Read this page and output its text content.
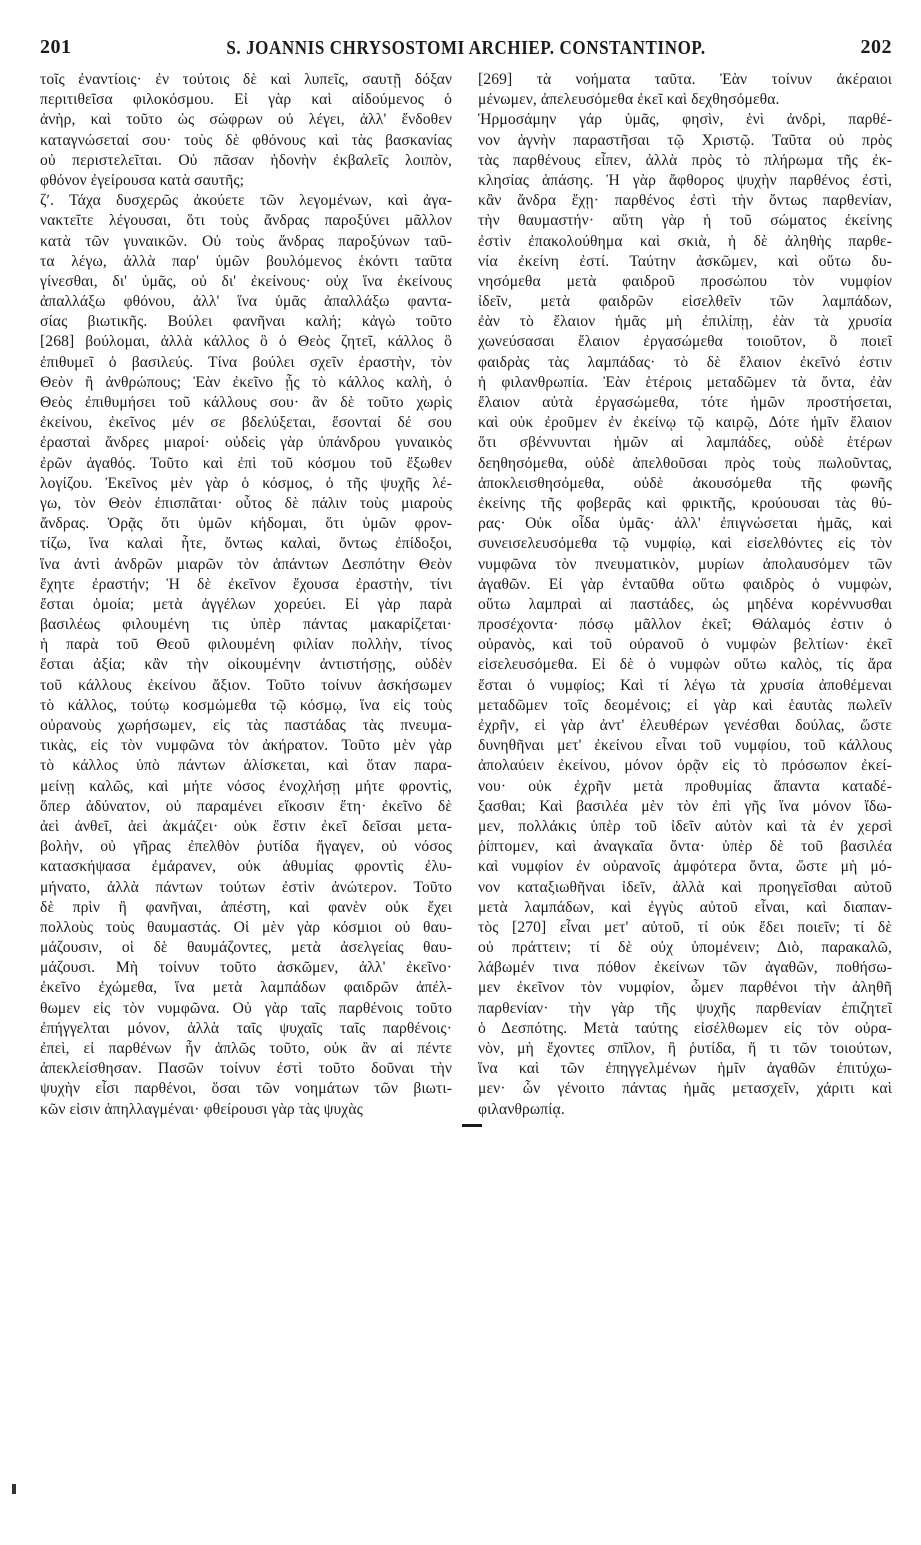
201	S. JOANNIS CHRYSOSTOMI ARCHIEP. CONSTANTINOP.	202
τοῖς ἐναντίοις· ἐν τούτοις δὲ καὶ λυπεῖς, σαυτῇ δόξαν
περιτιθεῖσα φιλοκόσμου. Εἰ γὰρ καὶ αἰδούμενος ὁ
ἀνὴρ, καὶ τοῦτο ὡς σώφρων οὐ λέγει, ἀλλ' ἔνδοθεν
καταγνώσεταί σου· τοὺς δὲ φθόνους καὶ τὰς βασκανίας
οὐ περιστελεῖται. Οὐ πᾶσαν ἡδονὴν ἐκβαλεῖς λοιπὸν,
φθόνον ἐγείρουσα κατὰ σαυτῆς;
ζʹ. Τάχα δυσχερῶς ἀκούετε τῶν λεγομένων, καὶ ἀγα-
νακτεῖτε λέγουσαι, ὅτι τοὺς ἄνδρας παροξύνει μᾶλλον
κατὰ τῶν γυναικῶν. Οὐ τοὺς ἄνδρας παροξύνων ταῦ-
τα λέγω, ἀλλὰ παρ' ὑμῶν βουλόμενος ἑκόντι ταῦτα
γίνεσθαι, δι' ὑμᾶς, οὐ δι' ἐκείνους· οὐχ ἵνα ἐκείνους
ἀπαλλάξω φθόνου, ἀλλ' ἵνα ὑμᾶς ἀπαλλάξω φαντα-
σίας βιωτικῆς. Βούλει φανῆναι καλή; κἀγὼ τοῦτο
[268] βούλομαι, ἀλλὰ κάλλος ὃ ὁ Θεὸς ζητεῖ, κάλλος ὃ
ἐπιθυμεῖ ὁ βασιλεύς. Τίνα βούλει σχεῖν ἐραστὴν, τὸν
Θεὸν ἢ ἀνθρώπους; Ἐὰν ἐκεῖνο ᾖς τὸ κάλλος καλὴ, ὁ
Θεὸς ἐπιθυμήσει τοῦ κάλλους σου· ἂν δὲ τοῦτο χωρὶς
ἐκείνου, ἐκεῖνος μέν σε βδελύξεται, ἔσονταί δέ σου
ἐρασταὶ ἄνδρες μιαροί· οὐδεὶς γὰρ ὑπάνδρου γυναικὸς
ἐρῶν ἀγαθός. Τοῦτο καὶ ἐπὶ τοῦ κόσμου τοῦ ἔξωθεν
λογίζου. Ἐκεῖνος μὲν γὰρ ὁ κόσμος, ὁ τῆς ψυχῆς λέ-
γω, τὸν Θεὸν ἐπισπᾶται· οὗτος δὲ πάλιν τοὺς μιαροὺς
ἄνδρας. Ὁρᾷς ὅτι ὑμῶν κήδομαι, ὅτι ὑμῶν φρον-
τίζω, ἵνα καλαὶ ἦτε, ὄντως καλαὶ, ὄντως ἐπίδοξοι,
ἵνα ἀντὶ ἀνδρῶν μιαρῶν τὸν ἁπάντων Δεσπότην Θεὸν
ἔχητε ἐραστήν; Ἡ δὲ ἐκεῖνον ἔχουσα ἐραστὴν, τίνι
ἔσται ὁμοία; μετὰ ἀγγέλων χορεύει. Εἰ γὰρ παρὰ
βασιλέως φιλουμένη τις ὑπὲρ πάντας μακαρίζεται·
ἡ παρὰ τοῦ Θεοῦ φιλουμένη φιλίαν πολλὴν, τίνος
ἔσται ἀξία; κἂν τὴν οἰκουμένην ἀντιστήσῃς, οὐδὲν
τοῦ κάλλους ἐκείνου ἄξιον. Τοῦτο τοίνυν ἀσκήσωμεν
τὸ κάλλος, τούτῳ κοσμώμεθα τῷ κόσμῳ, ἵνα εἰς τοὺς
οὐρανοὺς χωρήσωμεν, εἰς τὰς παστάδας τὰς πνευμα-
τικὰς, εἰς τὸν νυμφῶνα τὸν ἀκήρατον. Τοῦτο μὲν γὰρ
τὸ κάλλος ὑπὸ πάντων ἁλίσκεται, καὶ ὅταν παρα-
μείνῃ καλῶς, καὶ μήτε νόσος ἐνοχλήσῃ μήτε φροντὶς,
ὅπερ ἀδύνατον, οὐ παραμένει εἴκοσιν ἔτη· ἐκεῖνο δὲ
ἀεὶ ἀνθεῖ, ἀεὶ ἀκμάζει· οὐκ ἔστιν ἐκεῖ δεῖσαι μετα-
βολὴν, οὐ γῆρας ἐπελθὸν ῥυτίδα ἤγαγεν, οὐ νόσος
κατασκήψασα ἐμάρανεν, οὐκ ἀθυμίας φροντὶς ἐλυ-
μήνατο, ἀλλὰ πάντων τούτων ἐστὶν ἀνώτερον. Τοῦτο
δὲ πρὶν ἢ φανῆναι, ἀπέστη, καὶ φανὲν οὐκ ἔχει
πολλοὺς τοὺς θαυμαστάς. Οἱ μὲν γὰρ κόσμιοι οὐ θαυ-
μάζουσιν, οἱ δὲ θαυμάζοντες, μετὰ ἀσελγείας θαυ-
μάζουσι. Μὴ τοίνυν τοῦτο ἀσκῶμεν, ἀλλ' ἐκεῖνο·
ἐκεῖνο ἐχώμεθα, ἵνα μετὰ λαμπάδων φαιδρῶν ἀπέλ-
θωμεν εἰς τὸν νυμφῶνα. Οὐ γὰρ ταῖς παρθένοις τοῦτο
ἐπήγγελται μόνον, ἀλλὰ ταῖς ψυχαῖς ταῖς παρθένοις·
ἐπεὶ, εἰ παρθένων ἦν ἁπλῶς τοῦτο, οὐκ ἂν αἱ πέντε
ἀπεκλείσθησαν. Πασῶν τοίνυν ἐστὶ τοῦτο δοῦναι τὴν
ψυχὴν εἶσι παρθένοι, ὅσαι τῶν νοημάτων τῶν βιωτι-
κῶν εἰσιν ἀπηλλαγμέναι· φθείρουσι γὰρ τὰς ψυχὰς
[269] τὰ νοήματα ταῦτα. Ἐὰν τοίνυν ἀκέραιοι
μένωμεν, ἀπελευσόμεθα ἐκεῖ καὶ δεχθησόμεθα.
Ἡρμοσάμην γάρ ὑμᾶς, φησὶν, ἑνὶ ἀνδρὶ, παρθέ-
νον ἁγνὴν παραστῆσαι τῷ Χριστῷ. Ταῦτα οὐ πρὸς
τὰς παρθένους εἶπεν, ἀλλὰ πρὸς τὸ πλήρωμα τῆς ἐκ-
κλησίας ἁπάσης. Ἡ γὰρ ἄφθορος ψυχὴν παρθένος ἐστὶ,
κἂν ἄνδρα ἔχῃ· παρθένος ἐστὶ τὴν ὄντως παρθενίαν,
τὴν θαυμαστήν· αὕτη γὰρ ἡ τοῦ σώματος ἐκείνης
ἐστὶν ἐπακολούθημα καὶ σκιὰ, ἡ δὲ ἀληθὴς παρθε-
νία ἐκείνη ἐστί. Ταύτην ἀσκῶμεν, καὶ οὕτω δυ-
νησόμεθα μετὰ φαιδροῦ προσώπου τὸν νυμφίον
ἰδεῖν, μετὰ φαιδρῶν εἰσελθεῖν τῶν λαμπάδων,
ἐὰν τὸ ἔλαιον ἡμᾶς μὴ ἐπιλίπῃ, ἐὰν τὰ χρυσία
χωνεύσασαι ἔλαιον ἐργασώμεθα τοιοῦτον, ὃ ποιεῖ
φαιδρὰς τὰς λαμπάδας· τὸ δὲ ἔλαιον ἐκεῖνό ἐστιν
ἡ φιλανθρωπία. Ἐὰν ἑτέροις μεταδῶμεν τὰ ὄντα, ἐὰν
ἔλαιον αὐτὰ ἐργασώμεθα, τότε ἡμῶν προστήσεται,
καὶ οὐκ ἐροῦμεν ἐν ἐκείνῳ τῷ καιρῷ, Δότε ἡμῖν ἔλαιον
ὅτι σβέννυνται ἡμῶν αἱ λαμπάδες, οὐδὲ ἑτέρων
δεηθησόμεθα, οὐδὲ ἀπελθοῦσαι πρὸς τοὺς πωλοῦντας,
ἀποκλεισθησόμεθα, οὐδὲ ἀκουσόμεθα τῆς φωνῆς
ἐκείνης τῆς φοβερᾶς καὶ φρικτῆς, κρούουσαι τὰς θύ-
ρας· Οὐκ οἶδα ὑμᾶς· ἀλλ' ἐπιγνώσεται ἡμᾶς, καὶ
συνεισελευσόμεθα τῷ νυμφίῳ, καὶ εἰσελθόντες εἰς τὸν
νυμφῶνα τὸν πνευματικὸν, μυρίων ἀπολαυσόμεν τῶν
ἀγαθῶν. Εἰ γὰρ ἐνταῦθα οὕτω φαιδρὸς ὁ νυμφὼν,
οὕτω λαμπραὶ αἱ παστάδες, ὡς μηδένα κορέννυσθαι
προσέχοντα· πόσῳ μᾶλλον ἐκεῖ; Θάλαμός ἐστιν ὁ
οὐρανὸς, καὶ τοῦ οὐρανοῦ ὁ νυμφὼν βελτίων· ἐκεῖ
εἰσελευσόμεθα. Εἰ δὲ ὁ νυμφὼν οὕτω καλὸς, τίς ἄρα
ἔσται ὁ νυμφίος; Καὶ τί λέγω τὰ χρυσία ἀποθέμεναι
μεταδῶμεν τοῖς δεομένοις; εἰ γὰρ καὶ ἑαυτὰς πωλεῖν
ἐχρῆν, εἰ γὰρ ἀντ' ἐλευθέρων γενέσθαι δούλας, ὥστε
δυνηθῆναι μετ' ἐκείνου εἶναι τοῦ νυμφίου, τοῦ κάλλους
ἀπολαύειν ἐκείνου, μόνον ὁρᾷν εἰς τὸ πρόσωπον ἐκεί-
νου· οὐκ ἐχρῆν μετὰ προθυμίας ἅπαντα καταδέ-
ξασθαι; Καὶ βασιλέα μὲν τὸν ἐπὶ γῆς ἵνα μόνον ἴδω-
μεν, πολλάκις ὑπὲρ τοῦ ἰδεῖν αὐτὸν καὶ τὰ ἐν χερσὶ
ῥίπτομεν, καὶ ἀναγκαῖα ὄντα· ὑπὲρ δὲ τοῦ βασιλέα
καὶ νυμφίον ἐν οὐρανοῖς ἀμφότερα ὄντα, ὥστε μὴ μό-
νον καταξιωθῆναι ἰδεῖν, ἀλλὰ καὶ προηγεῖσθαι αὐτοῦ
μετὰ λαμπάδων, καὶ ἐγγὺς αὐτοῦ εἶναι, καὶ διαπαν-
τὸς [270] εἶναι μετ' αὐτοῦ, τί οὐκ ἔδει ποιεῖν; τί δὲ
οὐ πράττειν; τί δὲ οὐχ ὑπομένειν; Διὸ, παρακαλῶ,
λάβωμέν τινα πόθον ἐκείνων τῶν ἀγαθῶν, ποθήσω-
μεν ἐκεῖνον τὸν νυμφίον, ὦμεν παρθένοι τὴν ἀληθῆ
παρθενίαν· τὴν γὰρ τῆς ψυχῆς παρθενίαν ἐπιζητεῖ
ὁ Δεσπότης. Μετὰ ταύτης εἰσέλθωμεν εἰς τὸν οὐρα-
νὸν, μὴ ἔχοντες σπῖλον, ἢ ῥυτίδα, ἤ τι τῶν τοιούτων,
ἵνα καὶ τῶν ἐπηγγελμένων ἡμῖν ἀγαθῶν ἐπιτύχω-
μεν· ὧν γένοιτο πάντας ἡμᾶς μετασχεῖν, χάριτι καὶ
φιλανθρωπίᾳ.
